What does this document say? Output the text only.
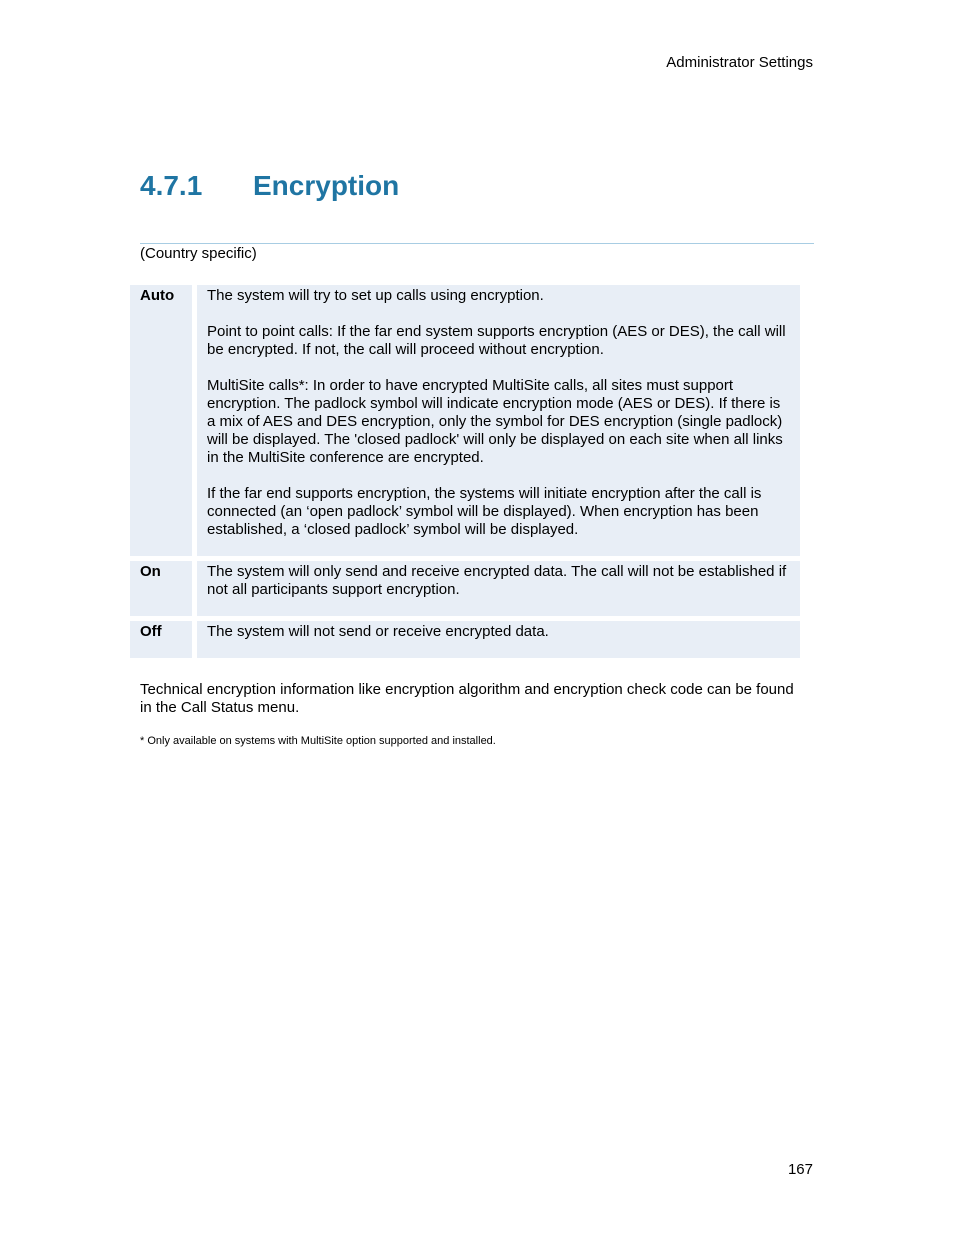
Administrator Settings
4.7.1	Encryption
(Country specific)
Auto	The system will try to set up calls using encryption.

Point to point calls: If the far end system supports encryption (AES or DES), the call will be encrypted. If not, the call will proceed without encryption.

MultiSite calls*: In order to have encrypted MultiSite calls, all sites must support encryption. The padlock symbol will indicate encryption mode (AES or DES). If there is a mix of AES and DES encryption, only the symbol for DES encryption (single padlock) will be displayed. The 'closed padlock' will only be displayed on each site when all links in the MultiSite conference are encrypted.

If the far end supports encryption, the systems will initiate encryption after the call is connected (an ‘open padlock’ symbol will be displayed). When encryption has been established, a ‘closed padlock’ symbol will be displayed.

On	The system will only send and receive encrypted data. The call will not be established if not all participants support encryption.

Off	The system will not send or receive encrypted data.

Technical encryption information like encryption algorithm and encryption check code can be found in the Call Status menu.
* Only available on systems with MultiSite option supported and installed.
167
